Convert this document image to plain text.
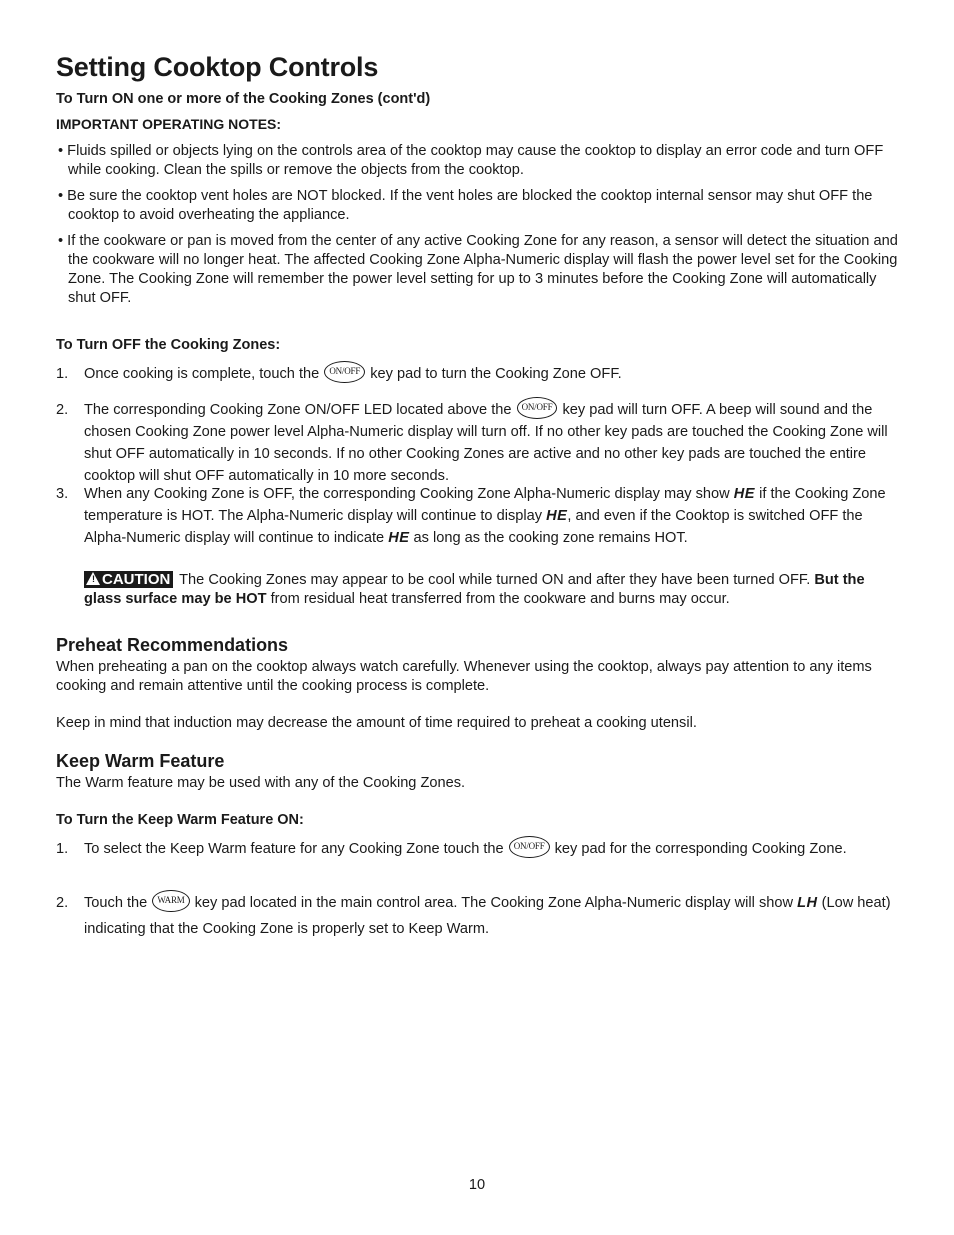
Setting Cooktop Controls

To Turn ON one or more of the Cooking Zones (cont'd)

IMPORTANT OPERATING NOTES:

• Fluids spilled or objects lying on the controls area of the cooktop may cause the cooktop to display an error code and turn OFF while cooking. Clean the spills or remove the objects from the cooktop.

• Be sure the cooktop vent holes are NOT blocked. If the vent holes are blocked the cooktop internal sensor may shut OFF the cooktop to avoid overheating the appliance.

• If the cookware or pan is moved from the center of any active Cooking Zone for any reason, a sensor will detect the situation and the cookware will no longer heat. The affected Cooking Zone Alpha-Numeric display will flash the power level set for the Cooking Zone. The Cooking Zone will remember the power level setting for up to 3 minutes before the Cooking Zone will automatically shut OFF.

To Turn OFF the Cooking Zones:

1. Once cooking is complete, touch the ON/OFF key pad to turn the Cooking Zone OFF.
2. The corresponding Cooking Zone ON/OFF LED located above the ON/OFF key pad will turn OFF. A beep will sound and the chosen Cooking Zone power level Alpha-Numeric display will turn off. If no other key pads are touched the Cooking Zone will shut OFF automatically in 10 seconds. If no other Cooking Zones are active and no other key pads are touched the entire cooktop will shut OFF automatically in 10 more seconds.
3. When any Cooking Zone is OFF, the corresponding Cooking Zone Alpha-Numeric display may show HE if the Cooking Zone temperature is HOT. The Alpha-Numeric display will continue to display HE, and even if the Cooktop is switched OFF the Alpha-Numeric display will continue to indicate HE as long as the cooking zone remains HOT.
! CAUTION The Cooking Zones may appear to be cool while turned ON and after they have been turned OFF. But the glass surface may be HOT from residual heat transferred from the cookware and burns may occur.
Preheat Recommendations

When preheating a pan on the cooktop always watch carefully. Whenever using the cooktop, always pay attention to any items cooking and remain attentive until the cooking process is complete.

Keep in mind that induction may decrease the amount of time required to preheat a cooking utensil.

Keep Warm Feature

The Warm feature may be used with any of the Cooking Zones.

To Turn the Keep Warm Feature ON:

1. To select the Keep Warm feature for any Cooking Zone touch the ON/OFF key pad for the corresponding Cooking Zone.
2. Touch the WARM key pad located in the main control area. The Cooking Zone Alpha-Numeric display will show LH (Low heat) indicating that the Cooking Zone is properly set to Keep Warm.
10
